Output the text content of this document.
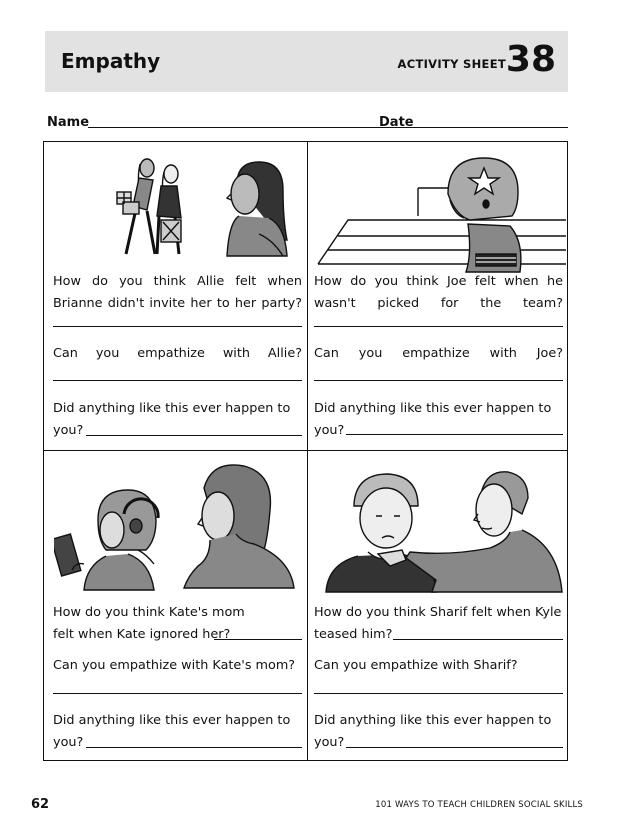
Empathy	ACTIVITY SHEET 38
Name	Date
How do you think Allie felt when Brianne didn't invite her to her party?
Can you empathize with Allie?
Did anything like this ever happen to you?
How do you think Joe felt when he wasn't picked for the team?
Can you empathize with Joe?
Did anything like this ever happen to you?
How do you think Kate's mom felt when Kate ignored her?
Can you empathize with Kate's mom?
Did anything like this ever happen to you?
How do you think Sharif felt when Kyle teased him?
Can you empathize with Sharif?
Did anything like this ever happen to you?
62	101 WAYS TO TEACH CHILDREN SOCIAL SKILLS
